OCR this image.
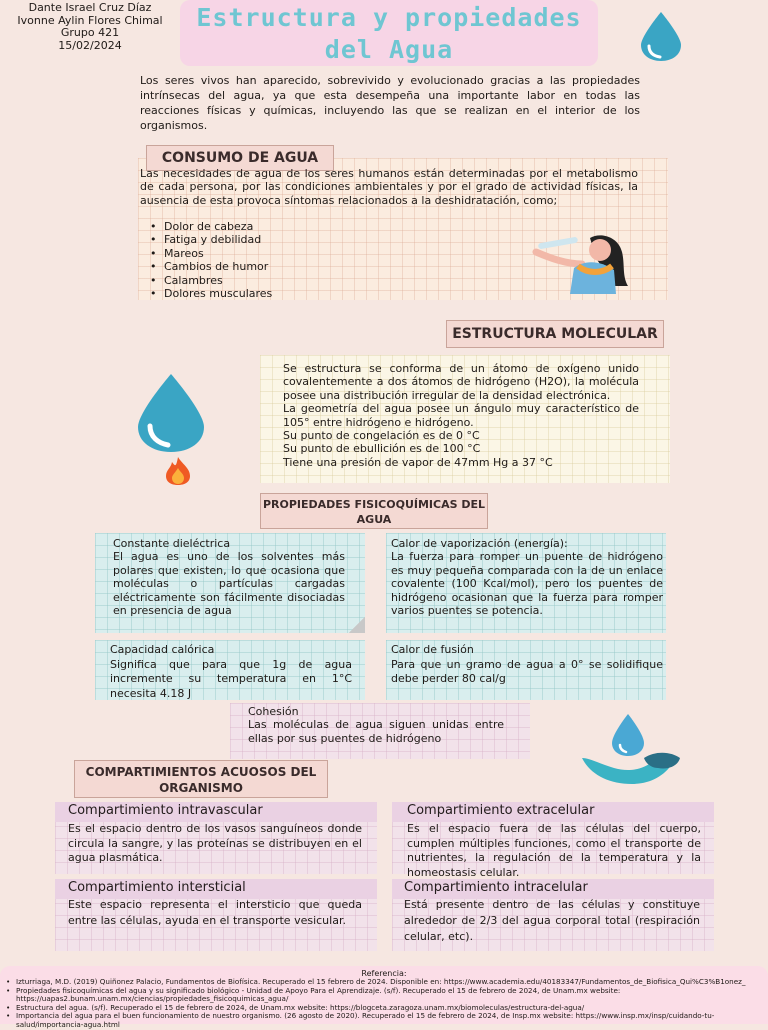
Dante Israel Cruz Díaz
Ivonne Aylin Flores Chimal
Grupo 421
15/02/2024
Estructura y propiedades
del Agua
Los seres vivos han aparecido, sobrevivido y evolucionado gracias a las propiedades intrínsecas del agua, ya que esta desempeña una importante labor en todas las reacciones físicas y químicas, incluyendo las que se realizan en el interior de los organismos.
CONSUMO DE AGUA
Las necesidades de agua de los seres humanos están determinadas por el metabolismo de cada persona, por las condiciones ambientales y por el grado de actividad físicas, la ausencia de esta provoca síntomas relacionados a la deshidratación, como;
• Dolor de cabeza
• Fatiga y debilidad
• Mareos
• Cambios de humor
• Calambres
• Dolores musculares
ESTRUCTURA MOLECULAR
Se estructura se conforma de un átomo de oxígeno unido covalentemente a dos átomos de hidrógeno (H2O), la molécula posee una distribución irregular de la densidad electrónica.
La geometría del agua posee un ángulo muy característico de 105° entre hidrógeno e hidrógeno.
Su punto de congelación es de 0 °C
Su punto de ebullición es de 100 °C
Tiene una presión de vapor de 47mm Hg a 37 °C
PROPIEDADES FISICOQUÍMICAS DEL
AGUA
Constante dieléctrica
El agua es uno de los solventes más polares que existen, lo que ocasiona que moléculas o partículas cargadas eléctricamente son fácilmente disociadas en presencia de agua
Calor de vaporización (energía):
La fuerza para romper un puente de hidrógeno es muy pequeña comparada con la de un enlace covalente (100 Kcal/mol), pero los puentes de hidrógeno ocasionan que la fuerza para romper varios puentes se potencia.
Capacidad calórica
Significa que para que 1g de agua incremente su temperatura en 1°C necesita 4.18 J
Calor de fusión
Para que un gramo de agua a 0° se solidifique debe perder 80 cal/g
Cohesión
Las moléculas de agua siguen unidas entre ellas por sus puentes de hidrógeno
COMPARTIMIENTOS ACUOSOS DEL
ORGANISMO
Compartimiento intravascular
Es el espacio dentro de los vasos sanguíneos donde circula la sangre, y las proteínas se distribuyen en el agua plasmática.
Compartimiento extracelular
Es el espacio fuera de las células del cuerpo, cumplen múltiples funciones, como el transporte de nutrientes, la regulación de la temperatura y la homeostasis celular.
Compartimiento intersticial
Este espacio representa el intersticio que queda entre las células, ayuda en el transporte vesicular.
Compartimiento intracelular
Está presente dentro de las células y constituye alrededor de 2/3 del agua corporal total (respiración celular, etc).
Referencia:
• Izturriaga, M.D. (2019) Quiñonez Palacio, Fundamentos de Biofísica. Recuperado el 15 febrero de 2024. Disponible en: https://www.academia.edu/40183347/Fundamentos_de_Biofisica_Qui%C3%B1onez_
• Propiedades fisicoquímicas del agua y su significado biológico - Unidad de Apoyo Para el Aprendizaje. (s/f). Recuperado el 15 de febrero de 2024, de Unam.mx website: https://uapas2.bunam.unam.mx/ciencias/propiedades_fisicoquimicas_agua/
• Estructura del agua. (s/f). Recuperado el 15 de febrero de 2024, de Unam.mx website: https://blogceta.zaragoza.unam.mx/biomoleculas/estructura-del-agua/
• Importancia del agua para el buen funcionamiento de nuestro organismo. (26 agosto de 2020). Recuperado el 15 de febrero de 2024, de Insp.mx website: https://www.insp.mx/insp/cuidando-tu-salud/importancia-agua.html
